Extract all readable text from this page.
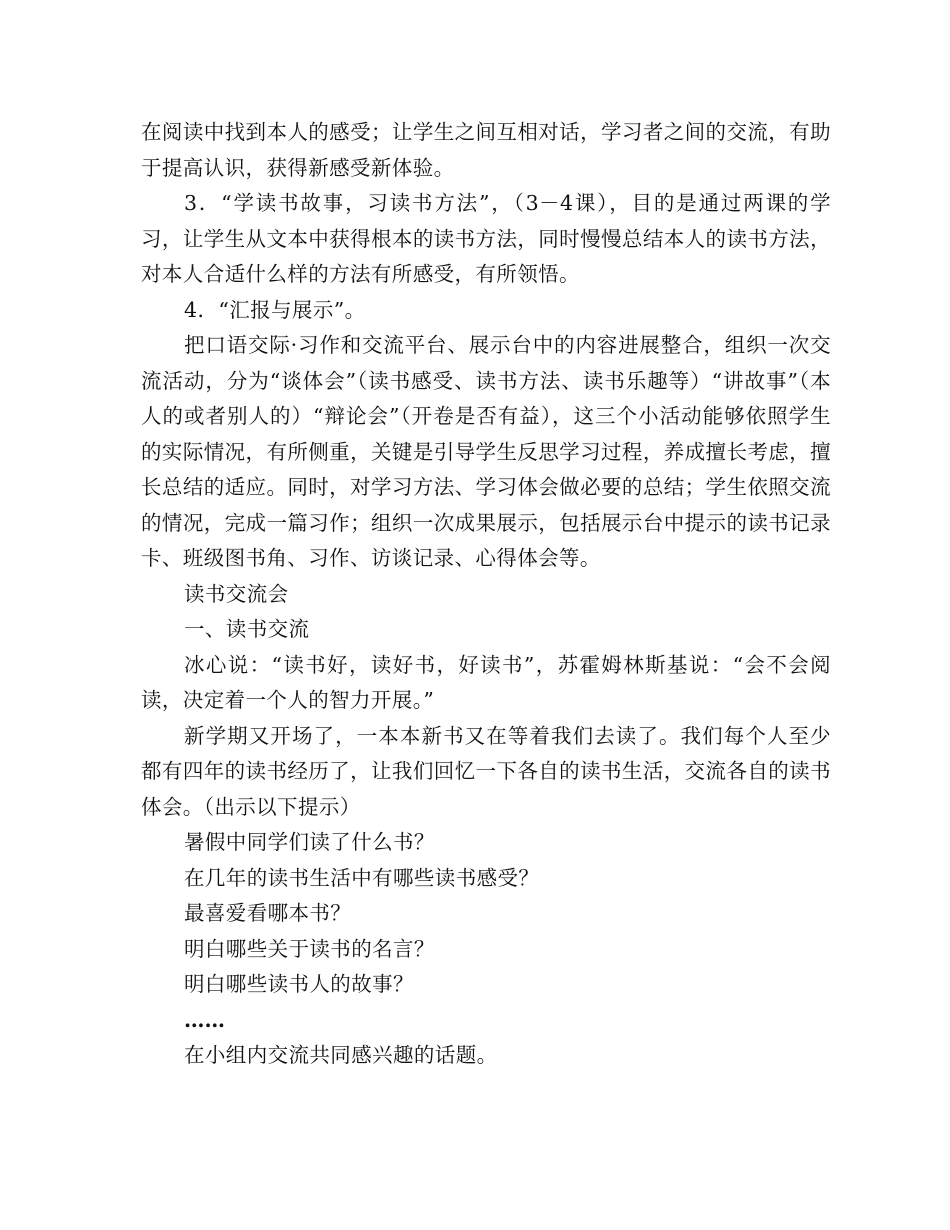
在阅读中找到本人的感受；让学生之间互相对话，学习者之间的交流，有助于提高认识，获得新感受新体验。

3．“学读书故事，习读书方法”，（3－4课），目的是通过两课的学习，让学生从文本中获得根本的读书方法，同时慢慢总结本人的读书方法，对本人合适什么样的方法有所感受，有所领悟。

4．“汇报与展示”。

把口语交际·习作和交流平台、展示台中的内容进展整合，组织一次交流活动，分为“谈体会”（读书感受、读书方法、读书乐趣等）“讲故事”（本人的或者别人的）“辩论会”（开卷是否有益），这三个小活动能够依照学生的实际情况，有所侧重，关键是引导学生反思学习过程，养成擅长考虑，擅长总结的适应。同时，对学习方法、学习体会做必要的总结；学生依照交流的情况，完成一篇习作；组织一次成果展示，包括展示台中提示的读书记录卡、班级图书角、习作、访谈记录、心得体会等。

读书交流会

一、读书交流

冰心说：“读书好，读好书，好读书”，苏霍姆林斯基说：“会不会阅读，决定着一个人的智力开展。”

新学期又开场了，一本本新书又在等着我们去读了。我们每个人至少都有四年的读书经历了，让我们回忆一下各自的读书生活，交流各自的读书体会。（出示以下提示）

暑假中同学们读了什么书？

在几年的读书生活中有哪些读书感受？

最喜爱看哪本书？

明白哪些关于读书的名言？

明白哪些读书人的故事？

……

在小组内交流共同感兴趣的话题。
